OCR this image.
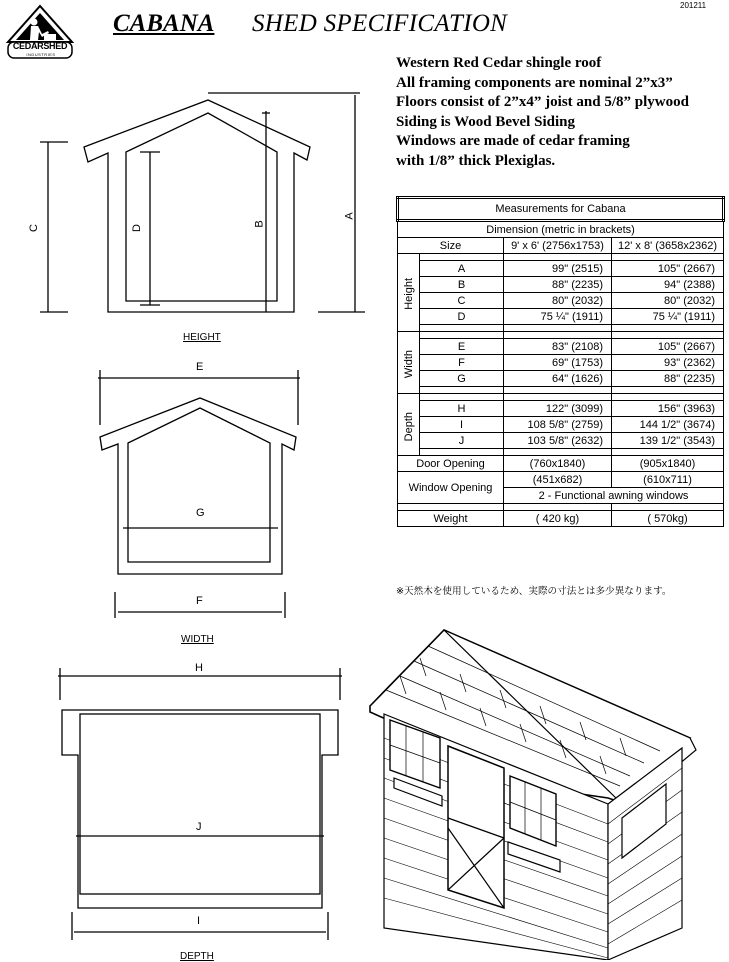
201211
CEDARSHED
INDUSTRIES
CABANA SHED SPECIFICATION
Western Red Cedar shingle roof
All framing components are nominal 2”x3”
Floors consist of 2”x4” joist and 5/8” plywood
Siding is Wood Bevel Siding
Windows are made of cedar framing
with 1/8” thick Plexiglas.
A
B
C	D
HEIGHT
E
G
F
WIDTH
H
J
I
DEPTH
Measurements for Cabana			
Dimension (metric in brackets)			
Size		9' x 6' (2756x1753)	12' x 8' (3658x2362)

Height	A	99" (2515)	105" (2667)
	B	88" (2235)	94" (2388)
	C	80" (2032)	80" (2032)
	D	75 ¼" (1911)	75 ¼" (1911)

Width	E	83" (2108)	105" (2667)
	F	69" (1753)	93" (2362)
	G	64" (1626)	88" (2235)

Depth	H	122" (3099)	156" (3963)
	I	108 5/8" (2759)	144 1/2" (3674)
	J	103 5/8" (2632)	139 1/2" (3543)

Door Opening		(760x1840)	(905x1840)
Window Opening		(451x682)	(610x711)
		2 - Functional awning windows	

Weight		( 420 kg)	( 570kg)
※天然木を使用しているため、実際の寸法とは多少異なります。
